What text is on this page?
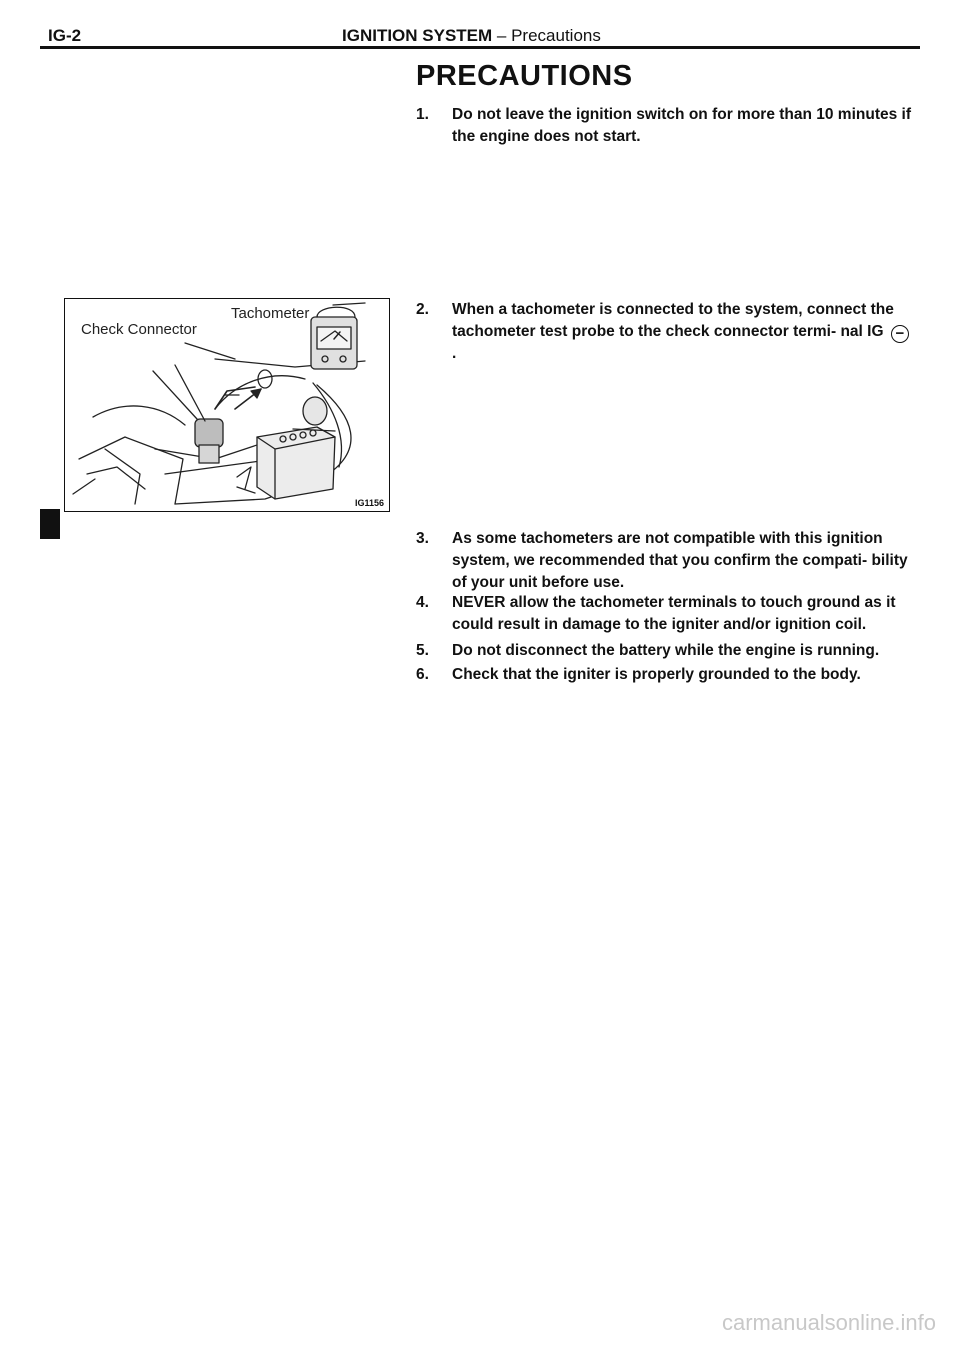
IG-2	IGNITION SYSTEM – Precautions
PRECAUTIONS
1. Do not leave the ignition switch on for more than 10 minutes if the engine does not start.
2. When a tachometer is connected to the system, connect the tachometer test probe to the check connector termi- nal IG − .
3. As some tachometers are not compatible with this ignition system, we recommended that you confirm the compati- bility of your unit before use.
4. NEVER allow the tachometer terminals to touch ground as it could result in damage to the igniter and/or ignition coil.
5. Do not disconnect the battery while the engine is running.
6. Check that the igniter is properly grounded to the body.
Tachometer
Check Connector
IG1156
carmanualsonline.info
